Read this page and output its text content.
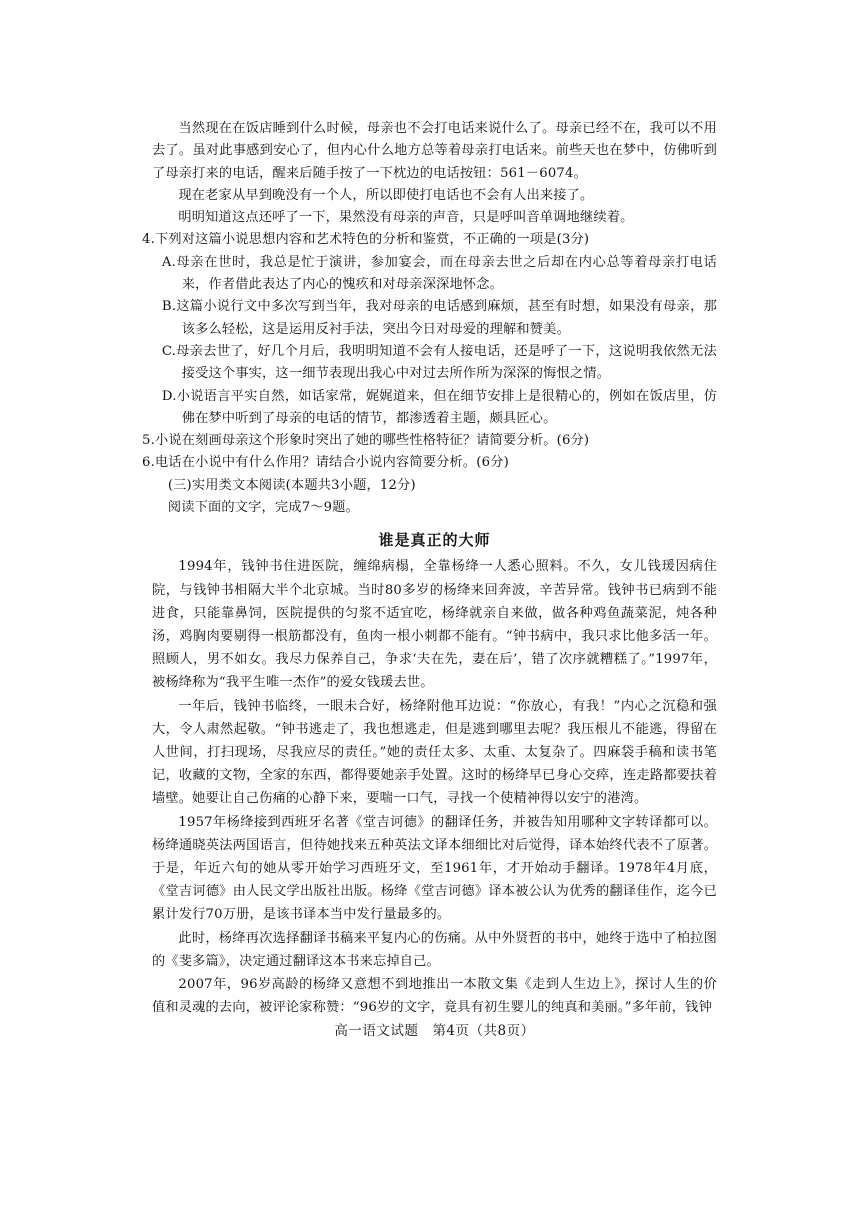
当然现在在饭店睡到什么时候，母亲也不会打电话来说什么了。母亲已经不在，我可以不用去了。虽对此事感到安心了，但内心什么地方总等着母亲打电话来。前些天也在梦中，仿佛听到了母亲打来的电话，醒来后随手按了一下枕边的电话按钮：561－6074。

现在老家从早到晚没有一个人，所以即使打电话也不会有人出来接了。

明明知道这点还呼了一下，果然没有母亲的声音，只是呼叫音单调地继续着。

4.下列对这篇小说思想内容和艺术特色的分析和鉴赏，不正确的一项是(3分)

A.母亲在世时，我总是忙于演讲，参加宴会，而在母亲去世之后却在内心总等着母亲打电话来，作者借此表达了内心的愧疚和对母亲深深地怀念。

B.这篇小说行文中多次写到当年，我对母亲的电话感到麻烦，甚至有时想，如果没有母亲，那该多么轻松，这是运用反衬手法，突出今日对母爱的理解和赞美。

C.母亲去世了，好几个月后，我明明知道不会有人接电话，还是呼了一下，这说明我依然无法接受这个事实，这一细节表现出我心中对过去所作所为深深的悔恨之情。

D.小说语言平实自然，如话家常，娓娓道来，但在细节安排上是很精心的，例如在饭店里，仿佛在梦中听到了母亲的电话的情节，都渗透着主题，颇具匠心。

5.小说在刻画母亲这个形象时突出了她的哪些性格特征？请简要分析。(6分)

6.电话在小说中有什么作用？请结合小说内容简要分析。(6分)

(三)实用类文本阅读(本题共3小题，12分)

阅读下面的文字，完成7～9题。

谁是真正的大师

1994年，钱钟书住进医院，缠绵病榻，全靠杨绛一人悉心照料。不久，女儿钱瑗因病住院，与钱钟书相隔大半个北京城。当时80多岁的杨绛来回奔波，辛苦异常。钱钟书已病到不能进食，只能靠鼻饲，医院提供的匀浆不适宜吃，杨绛就亲自来做，做各种鸡鱼蔬菜泥，炖各种汤，鸡胸肉要剔得一根筋都没有，鱼肉一根小刺都不能有。“钟书病中，我只求比他多活一年。照顾人，男不如女。我尽力保养自己，争求‘夫在先，妻在后’，错了次序就糟糕了。”1997年，被杨绛称为“我平生唯一杰作”的爱女钱瑗去世。

一年后，钱钟书临终，一眼未合好，杨绛附他耳边说：“你放心，有我！”内心之沉稳和强大，令人肃然起敬。“钟书逃走了，我也想逃走，但是逃到哪里去呢？我压根儿不能逃，得留在人世间，打扫现场，尽我应尽的责任。”她的责任太多、太重、太复杂了。四麻袋手稿和读书笔记，收藏的文物，全家的东西，都得要她亲手处置。这时的杨绛早已身心交瘁，连走路都要扶着墙壁。她要让自己伤痛的心静下来，要喘一口气，寻找一个使精神得以安宁的港湾。

1957年杨绛接到西班牙名著《堂吉诃德》的翻译任务，并被告知用哪种文字转译都可以。杨绛通晓英法两国语言，但待她找来五种英法文译本细细比对后觉得，译本始终代表不了原著。于是，年近六旬的她从零开始学习西班牙文，至1961年，才开始动手翻译。1978年4月底，《堂吉诃德》由人民文学出版社出版。杨绛《堂吉诃德》译本被公认为优秀的翻译佳作，迄今已累计发行70万册，是该书译本当中发行量最多的。

此时，杨绛再次选择翻译书稿来平复内心的伤痛。从中外贤哲的书中，她终于选中了柏拉图的《斐多篇》，决定通过翻译这本书来忘掉自己。

2007年，96岁高龄的杨绛又意想不到地推出一本散文集《走到人生边上》，探讨人生的价值和灵魂的去向，被评论家称赞：“96岁的文字，竟具有初生婴儿的纯真和美丽。”多年前，钱钟

高一语文试题　第4页（共8页）
